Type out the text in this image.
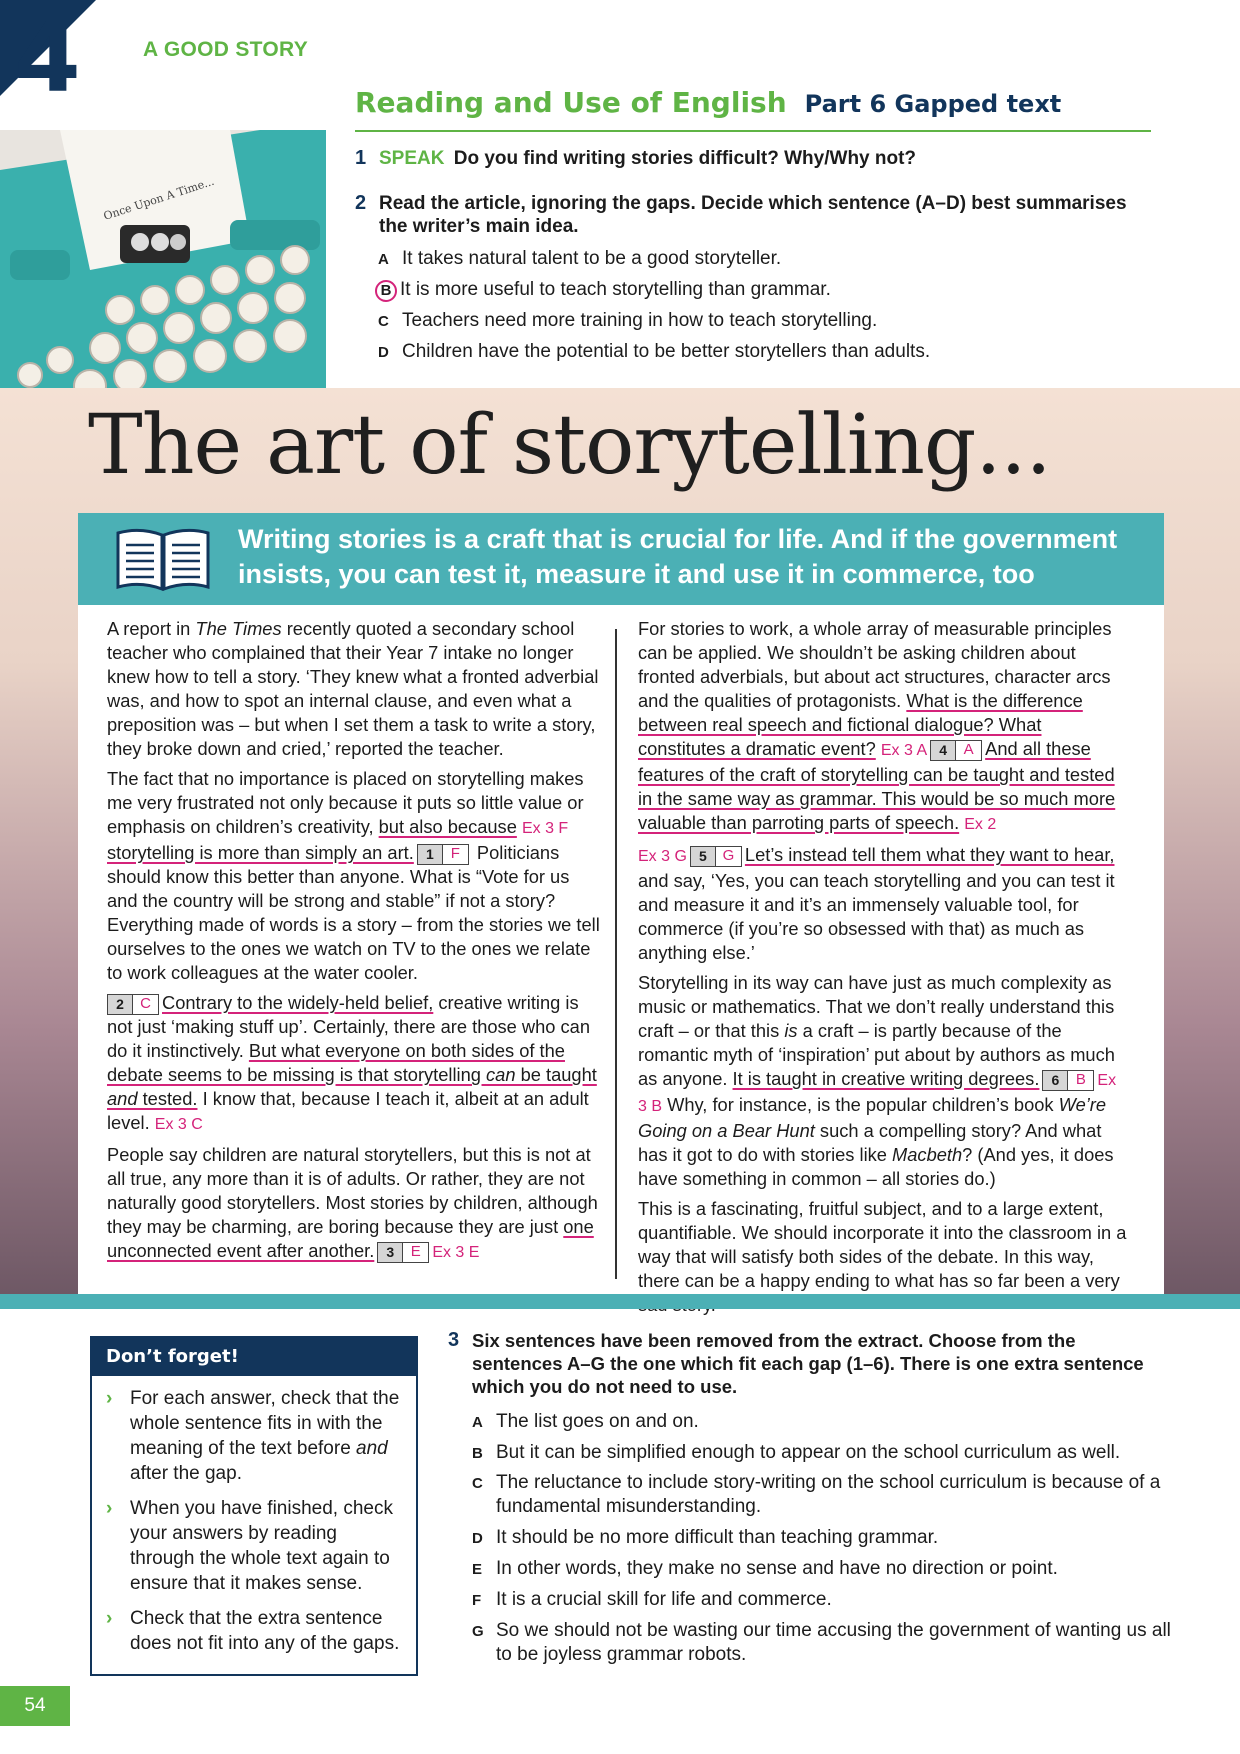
4	A GOOD STORY
Reading and Use of English Part 6 Gapped text
Once Upon A Time...
1 SPEAK Do you find writing stories difficult? Why/Why not?
2 Read the article, ignoring the gaps. Decide which sentence (A–D) best summarises the writer’s main idea.
A It takes natural talent to be a good storyteller.
B It is more useful to teach storytelling than grammar.
C Teachers need more training in how to teach storytelling.
D Children have the potential to be better storytellers than adults.
The art of storytelling...
Writing stories is a craft that is crucial for life. And if the government insists, you can test it, measure it and use it in commerce, too

A report in The Times recently quoted a secondary school teacher who complained that their Year 7 intake no longer knew how to tell a story. ‘They knew what a fronted adverbial was, and how to spot an internal clause, and even what a preposition was – but when I set them a task to write a story, they broke down and cried,’ reported the teacher.

The fact that no importance is placed on storytelling makes me very frustrated not only because it puts so little value or emphasis on children’s creativity, but also because Ex 3 F storytelling is more than simply an art. 1	F Politicians should know this better than anyone. What is “Vote for us and the country will be strong and stable” if not a story? Everything made of words is a story – from the stories we tell ourselves to the ones we watch on TV to the ones we relate to work colleagues at the water cooler.

2	C Contrary to the widely-held belief, creative writing is not just ‘making stuff up’. Certainly, there are those who can do it instinctively. But what everyone on both sides of the debate seems to be missing is that storytelling can be taught and tested. I know that, because I teach it, albeit at an adult level. Ex 3 C

People say children are natural storytellers, but this is not at all true, any more than it is of adults. Or rather, they are not naturally good storytellers. Most stories by children, although they may be charming, are boring because they are just one unconnected event after another. 3	E Ex 3 E

For stories to work, a whole array of measurable principles can be applied. We shouldn’t be asking children about fronted adverbials, but about act structures, character arcs and the qualities of protagonists. What is the difference between real speech and fictional dialogue? What constitutes a dramatic event? Ex 3 A 4	A And all these features of the craft of storytelling can be taught and tested in the same way as grammar. This would be so much more valuable than parroting parts of speech. Ex 2

Ex 3 G 5	G Let’s instead tell them what they want to hear, and say, ‘Yes, you can teach storytelling and you can test it and measure it and it’s an immensely valuable tool, for commerce (if you’re so obsessed with that) as much as anything else.’

Storytelling in its way can have just as much complexity as music or mathematics. That we don’t really understand this craft – or that this is a craft – is partly because of the romantic myth of ‘inspiration’ put about by authors as much as anyone. It is taught in creative writing degrees. 6	B Ex 3 B Why, for instance, is the popular children’s book We’re Going on a Bear Hunt such a compelling story? And what has it got to do with stories like Macbeth? (And yes, it does have something in common – all stories do.)

This is a fascinating, fruitful subject, and to a large extent, quantifiable. We should incorporate it into the classroom in a way that will satisfy both sides of the debate. In this way, there can be a happy ending to what has so far been a very

Don’t forget!
› For each answer, check that the whole sentence fits in with the meaning of the text before and after the gap.
› When you have finished, check your answers by reading through the whole text again to ensure that it makes sense.
› Check that the extra sentence does not fit into any of the gaps.
3 Six sentences have been removed from the extract. Choose from the sentences A–G the one which fit each gap (1–6). There is one extra sentence which you do not need to use.
A The list goes on and on.
B But it can be simplified enough to appear on the school curriculum as well.
C The reluctance to include story-writing on the school curriculum is because of a fundamental misunderstanding.
D It should be no more difficult than teaching grammar.
E In other words, they make no sense and have no direction or point.
F It is a crucial skill for life and commerce.
G So we should not be wasting our time accusing the government of wanting us all to be joyless grammar robots.
54
